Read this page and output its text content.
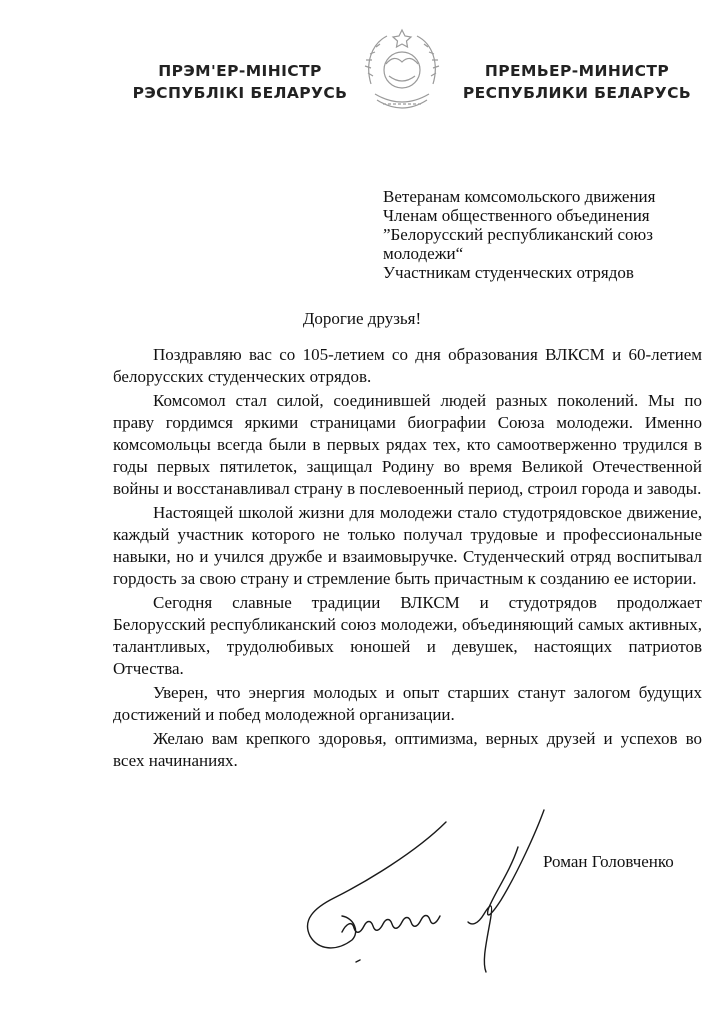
ПРЭМ'ЕР-МІНІСТР
РЭСПУБЛІКІ БЕЛАРУСЬ
ПРЕМЬЕР-МИНИСТР
РЕСПУБЛИКИ БЕЛАРУСЬ
Ветеранам комсомольского движения
Членам общественного объединения
”Белорусский республиканский союз
молодежи“
Участникам студенческих отрядов
Дорогие друзья!

Поздравляю вас со 105-летием со дня образования ВЛКСМ и 60-летием белорусских студенческих отрядов.

Комсомол стал силой, соединившей людей разных поколений. Мы по праву гордимся яркими страницами биографии Союза молодежи. Именно комсомольцы всегда были в первых рядах тех, кто самоотверженно трудился в годы первых пятилеток, защищал Родину во время Великой Отечественной войны и восстанавливал страну в послевоенный период, строил города и заводы.

Настоящей школой жизни для молодежи стало студотрядовское движение, каждый участник которого не только получал трудовые и профессиональные навыки, но и учился дружбе и взаимовыручке. Студенческий отряд воспитывал гордость за свою страну и стремление быть причастным к созданию ее истории.

Сегодня славные традиции ВЛКСМ и студотрядов продолжает Белорусский республиканский союз молодежи, объединяющий самых активных, талантливых, трудолюбивых юношей и девушек, настоящих патриотов Отчества.

Уверен, что энергия молодых и опыт старших станут залогом будущих достижений и побед молодежной организации.

Желаю вам крепкого здоровья, оптимизма, верных друзей и успехов во всех начинаниях.

Роман Головченко
